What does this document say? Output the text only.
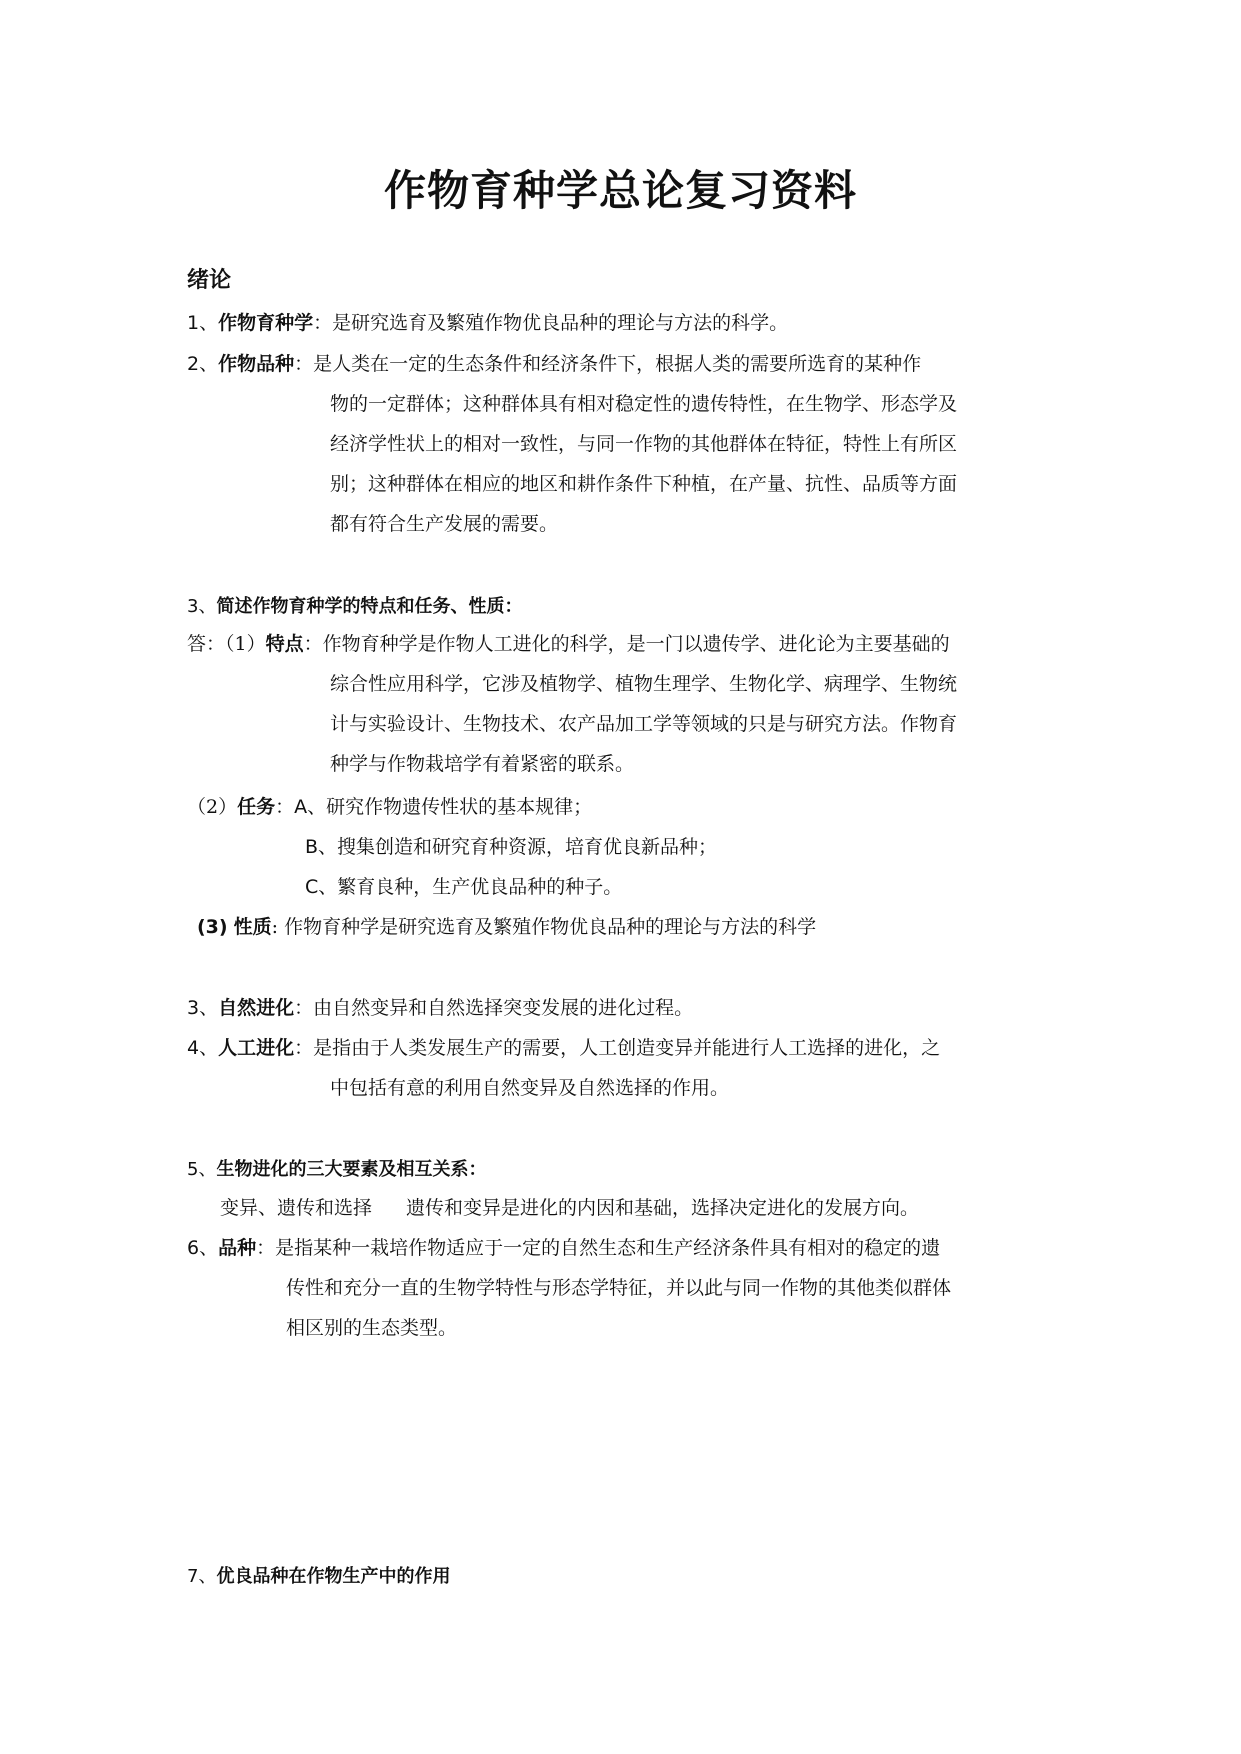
作物育种学总论复习资料
绪论
1、作物育种学：是研究选育及繁殖作物优良品种的理论与方法的科学。
2、作物品种：是人类在一定的生态条件和经济条件下，根据人类的需要所选育的某种作
物的一定群体；这种群体具有相对稳定性的遗传特性，在生物学、形态学及
经济学性状上的相对一致性，与同一作物的其他群体在特征，特性上有所区
别；这种群体在相应的地区和耕作条件下种植，在产量、抗性、品质等方面
都有符合生产发展的需要。
3、简述作物育种学的特点和任务、性质：
答：（1）特点：作物育种学是作物人工进化的科学，是一门以遗传学、进化论为主要基础的
综合性应用科学，它涉及植物学、植物生理学、生物化学、病理学、生物统
计与实验设计、生物技术、农产品加工学等领域的只是与研究方法。作物育
种学与作物栽培学有着紧密的联系。
（2）任务：A、研究作物遗传性状的基本规律；
B、搜集创造和研究育种资源，培育优良新品种；
C、繁育良种，生产优良品种的种子。
(3) 性质: 作物育种学是研究选育及繁殖作物优良品种的理论与方法的科学
3、自然进化：由自然变异和自然选择突变发展的进化过程。
4、人工进化：是指由于人类发展生产的需要，人工创造变异并能进行人工选择的进化，之
中包括有意的利用自然变异及自然选择的作用。
5、生物进化的三大要素及相互关系：
变异、遗传和选择 遗传和变异是进化的内因和基础，选择决定进化的发展方向。
6、品种：是指某种一栽培作物适应于一定的自然生态和生产经济条件具有相对的稳定的遗
传性和充分一直的生物学特性与形态学特征，并以此与同一作物的其他类似群体
相区别的生态类型。
7、优良品种在作物生产中的作用
